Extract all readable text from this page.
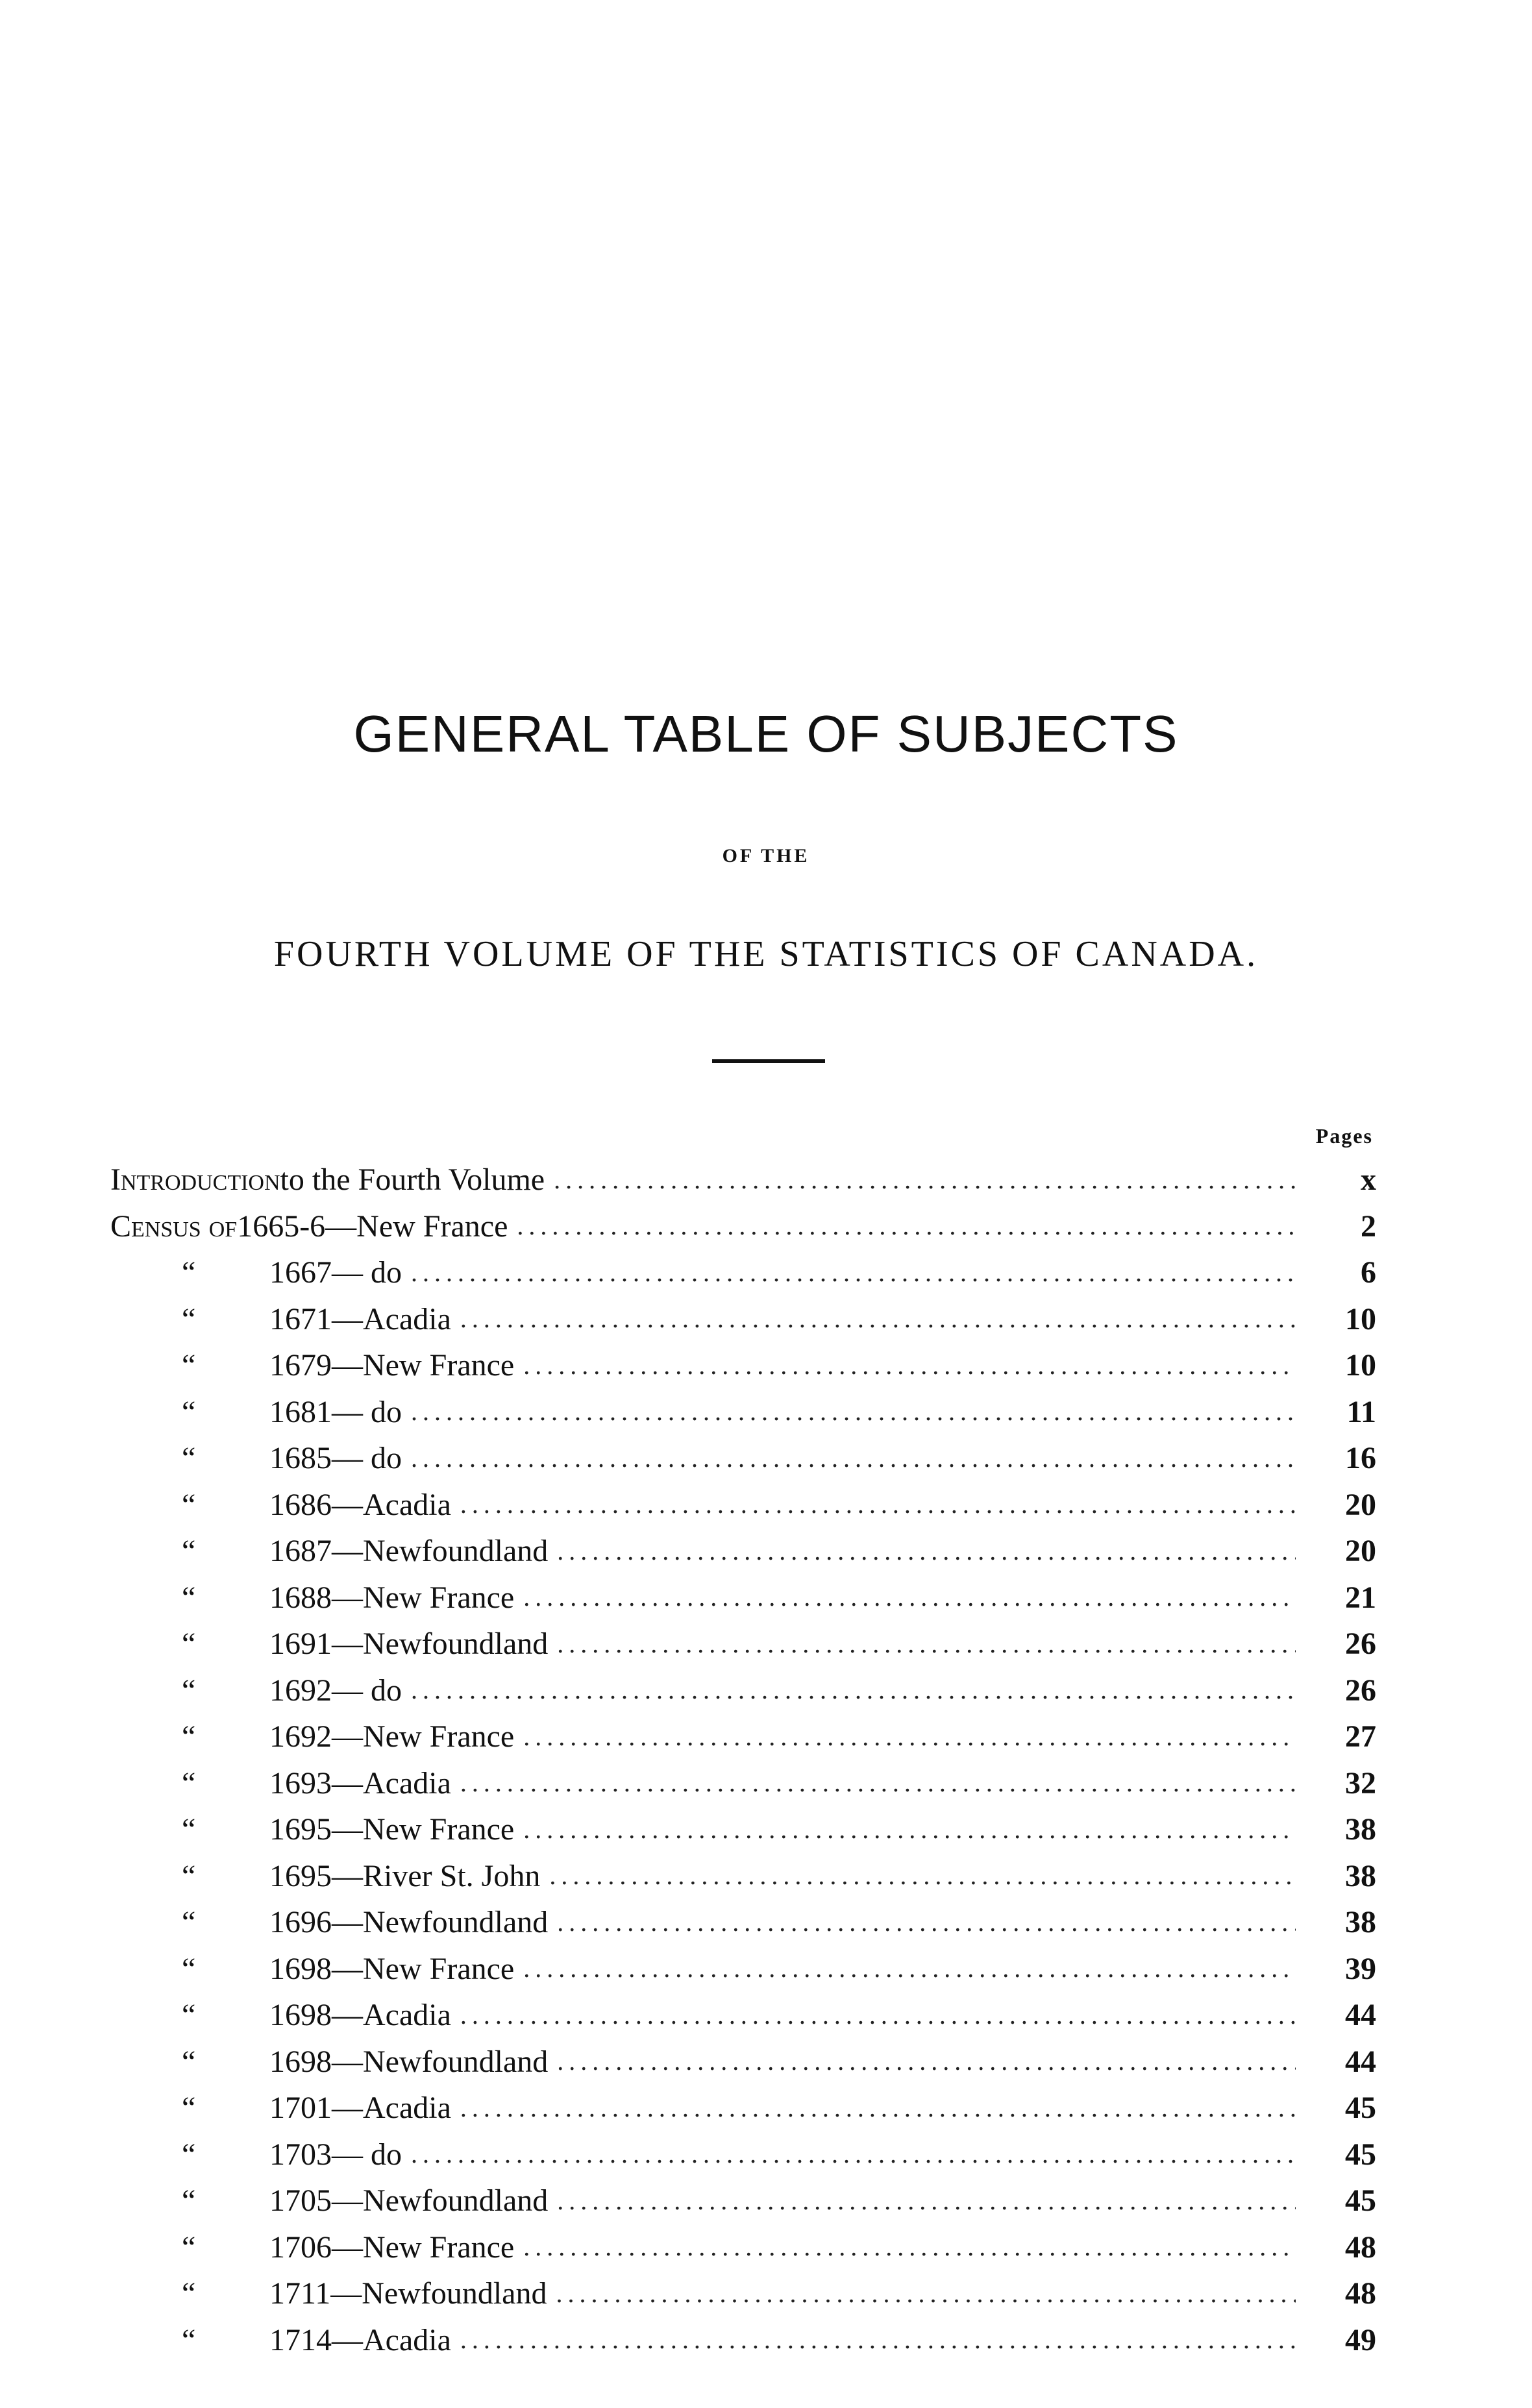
GENERAL TABLE OF SUBJECTS
OF THE
FOURTH VOLUME OF THE STATISTICS OF CANADA.
Pages
Introductionto the Fourth Volume .....	x
Census of1665-6—New France .....	2
“ 1667— do .....	6
“ 1671—Acadia .....	10
“ 1679—New France .....	10
“ 1681— do .....	11
“ 1685— do .....	16
“ 1686—Acadia .....	20
“ 1687—Newfoundland .....	20
“ 1688—New France .....	21
“ 1691—Newfoundland .....	26
“ 1692— do .....	26
“ 1692—New France .....	27
“ 1693—Acadia .....	32
“ 1695—New France .....	38
“ 1695—River St. John .....	38
“ 1696—Newfoundland .....	38
“ 1698—New France .....	39
“ 1698—Acadia .....	44
“ 1698—Newfoundland .....	44
“ 1701—Acadia .....	45
“ 1703— do .....	45
“ 1705—Newfoundland .....	45
“ 1706—New France .....	48
“ 1711—Newfoundland .....	48
“ 1714—Acadia .....	49
